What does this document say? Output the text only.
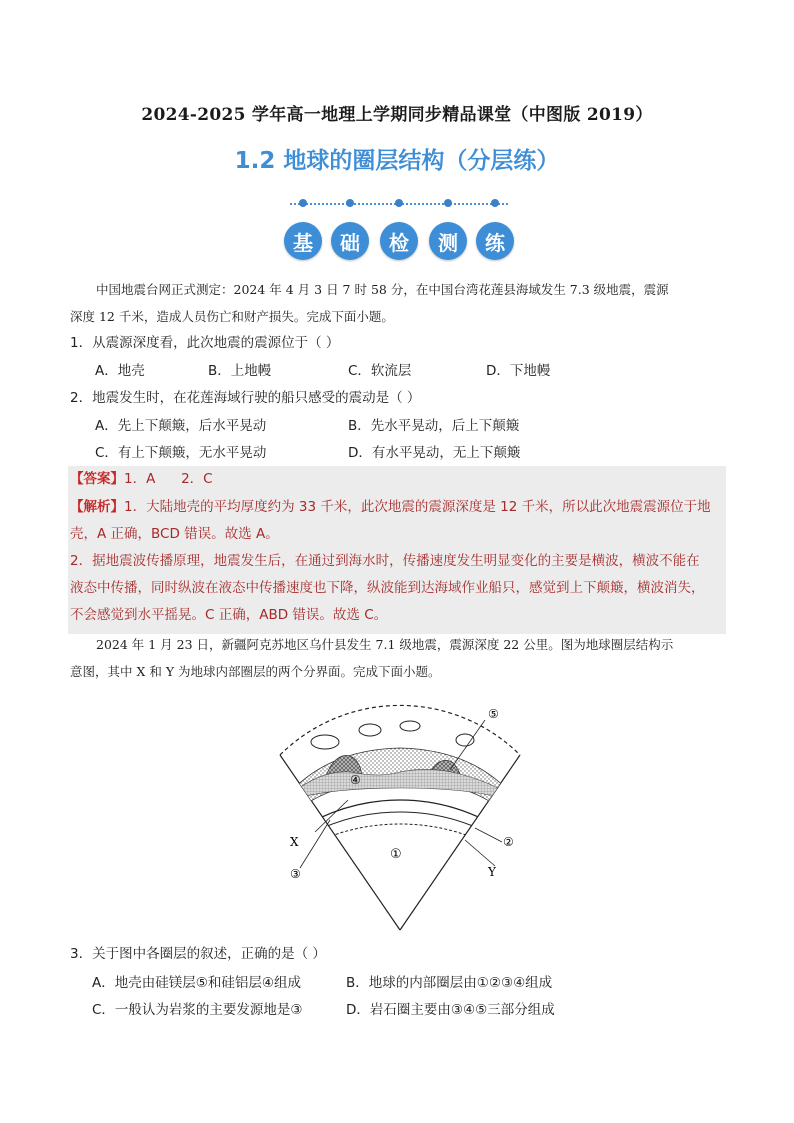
2024-2025 学年高一地理上学期同步精品课堂（中图版 2019）
1.2 地球的圈层结构（分层练）
基	础	检	测	练
中国地震台网正式测定：2024 年 4 月 3 日 7 时 58 分，在中国台湾花莲县海域发生 7.3 级地震，震源
深度 12 千米，造成人员伤亡和财产损失。完成下面小题。
1．从震源深度看，此次地震的震源位于（ ）
A．地壳	B．上地幔	C．软流层	D．下地幔
2．地震发生时，在花莲海域行驶的船只感受的震动是（ ）
A．先上下颠簸，后水平晃动	B．先水平晃动，后上下颠簸
C．有上下颠簸，无水平晃动	D．有水平晃动，无上下颠簸
【答案】1．A      2．C
【解析】1．大陆地壳的平均厚度约为 33 千米，此次地震的震源深度是 12 千米，所以此次地震震源位于地
壳，A 正确，BCD 错误。故选 A。
2．据地震波传播原理，地震发生后，在通过到海水时，传播速度发生明显变化的主要是横波，横波不能在
液态中传播，同时纵波在液态中传播速度也下降，纵波能到达海域作业船只，感觉到上下颠簸，横波消失，
不会感觉到水平摇晃。C 正确，ABD 错误。故选 C。
2024 年 1 月 23 日，新疆阿克苏地区乌什县发生 7.1 级地震，震源深度 22 公里。图为地球圈层结构示
意图，其中 X 和 Y 为地球内部圈层的两个分界面。完成下面小题。
⑤
④
①
②
③
X
Y
3．关于图中各圈层的叙述，正确的是（ ）
A．地壳由硅镁层⑤和硅铝层④组成	B．地球的内部圈层由①②③④组成
C．一般认为岩浆的主要发源地是③	D．岩石圈主要由③④⑤三部分组成
